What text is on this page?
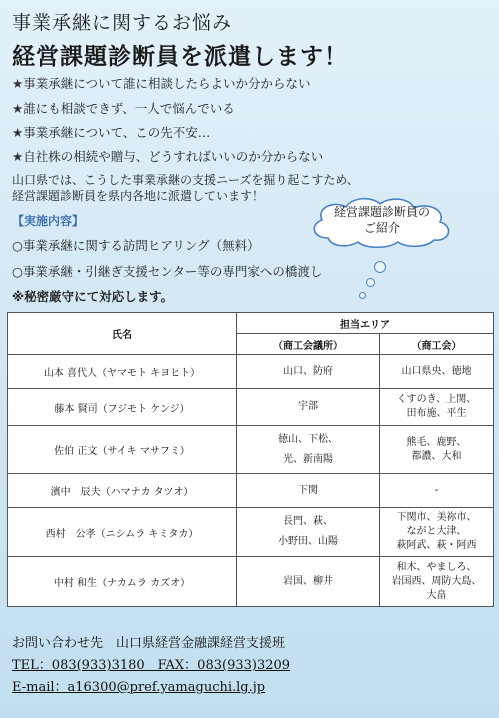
事業承継に関するお悩み
経営課題診断員を派遣します！
★事業承継について誰に相談したらよいか分からない
★誰にも相談できず、一人で悩んでいる
★事業承継について、この先不安…
★自社株の相続や贈与、どうすればいいのか分からない
山口県では、こうした事業承継の支援ニーズを掘り起こすため、
経営課題診断員を県内各地に派遣しています！
経営課題診断員の
ご紹介
【実施内容】
○事業承継に関する訪問ヒアリング（無料）
○事業承継・引継ぎ支援センター等の専門家への橋渡し
※秘密厳守にて対応します。
氏名	担当エリア	
	（商工会議所）	（商工会）
山本 喜代人（ヤマモト キヨヒト）	山口、防府	山口県央、徳地

藤本 賢司（フジモト ケンジ）	宇部	くすのき、上関、
田布施、平生

佐伯 正文（サイキ マサフミ）	徳山、下松、
光、新南陽	熊毛、鹿野、
都濃、大和

濱中　辰夫（ハマナカ タツオ）	下関	-

西村　公孝（ニシムラ キミタカ）	長門、萩、
小野田、山陽	下関市、美祢市、
ながと大津、
萩阿武、萩・阿西

中村 和生（ナカムラ カズオ）	岩国、柳井	和木、やましろ、
岩国西、周防大島、
大畠
お問い合わせ先　山口県経営金融課経営支援班
TEL：083(933)3180　FAX：083(933)3209
E-mail：a16300@pref.yamaguchi.lg.jp
